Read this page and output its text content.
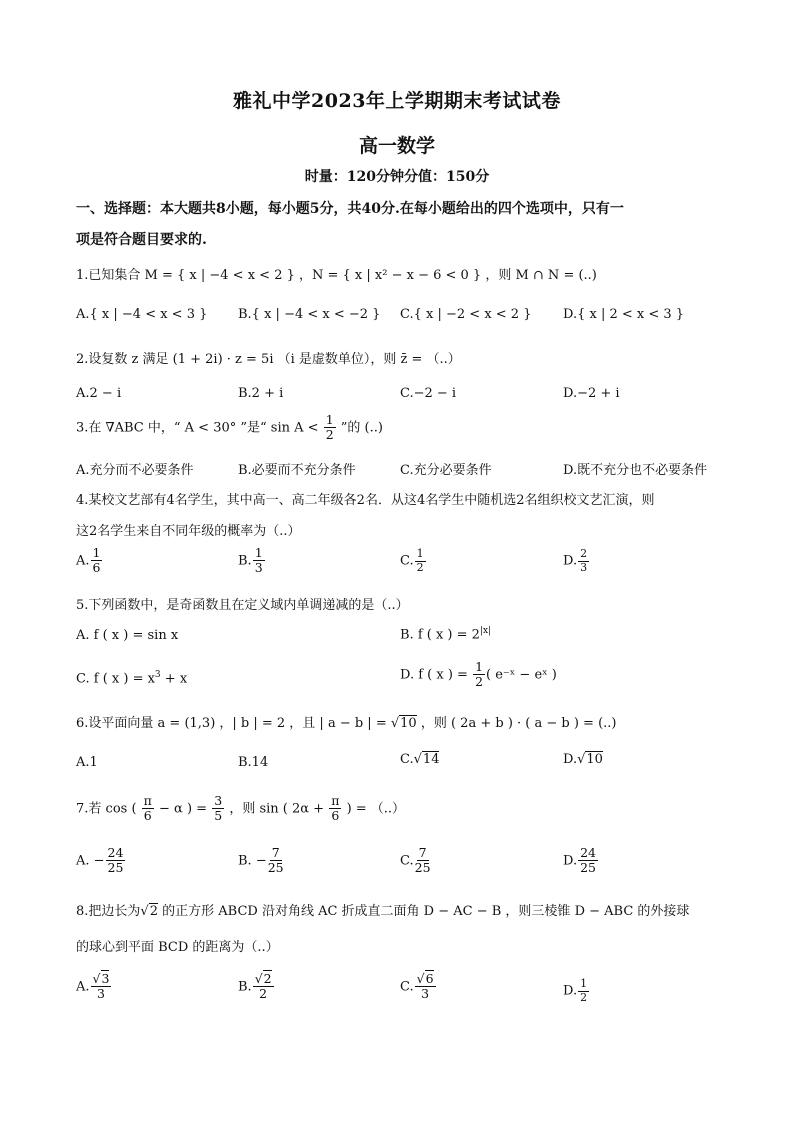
雅礼中学2023年上学期期末考试试卷
高一数学
时量：120分钟分值：150分
一、选择题：本大题共8小题，每小题5分，共40分.在每小题给出的四个选项中，只有一
项是符合题目要求的.
1.已知集合 M = { x | −4 < x < 2 } ，N = { x | x² − x − 6 < 0 } ，则 M ∩ N = (..)
A.{ x | −4 < x < 3 } B.{ x | −4 < x < −2 } C.{ x | −2 < x < 2 } D.{ x | 2 < x < 3 }
2.设复数 z 满足 (1 + 2i) · z = 5i （i 是虚数单位），则 z̄ = （..）
A.2 − i	B.2 + i	C.−2 − i	D.−2 + i
3.在 ∇ABC 中，“ A < 30° ”是“ $\sin A < \frac{1}{2}$ ”的 (..)
A.充分而不必要条件	B.必要而不充分条件	C.充分必要条件	D.既不充分也不必要条件
4.某校文艺部有4名学生，其中高一、高二年级各2名．从这4名学生中随机选2名组织校文艺汇演，则
这2名学生来自不同年级的概率为（..）
A. $\frac{1}{6}$	B. $\frac{1}{3}$	C. $\frac{1}{2}$	D. $\frac{2}{3}$
5.下列函数中，是奇函数且在定义域内单调递减的是（..）
A. f ( x ) = sin x	B. f ( x ) = $2^{|x|}$
C. f ( x ) = $x^3 + x$	D. f ( x ) = $\frac{1}{2}$ ( e⁻ˣ − eˣ )
6.设平面向量 a = (1,3) ，| b | = 2 ，且 | a − b | = √10 ，则 ( 2a + b ) · ( a − b ) = (..)
A.1	B.14	C.√14	D.√10
7.若 cos ( $\frac{\pi}{6} - \alpha$ ) = $\frac{3}{5}$ ，则 sin ( $2\alpha + \frac{\pi}{6}$ ) = （..）
A. − $\frac{24}{25}$	B. − $\frac{7}{25}$	C. $\frac{7}{25}$	D. $\frac{24}{25}$
8.把边长为√2 的正方形 ABCD 沿对角线 AC 折成直二面角 D − AC − B ，则三棱锥 D − ABC 的外接球
的球心到平面 BCD 的距离为（..）
A. $\frac{√3}{3}$	B. $\frac{√2}{2}$	C. $\frac{√6}{3}$	D. $\frac{1}{2}$
